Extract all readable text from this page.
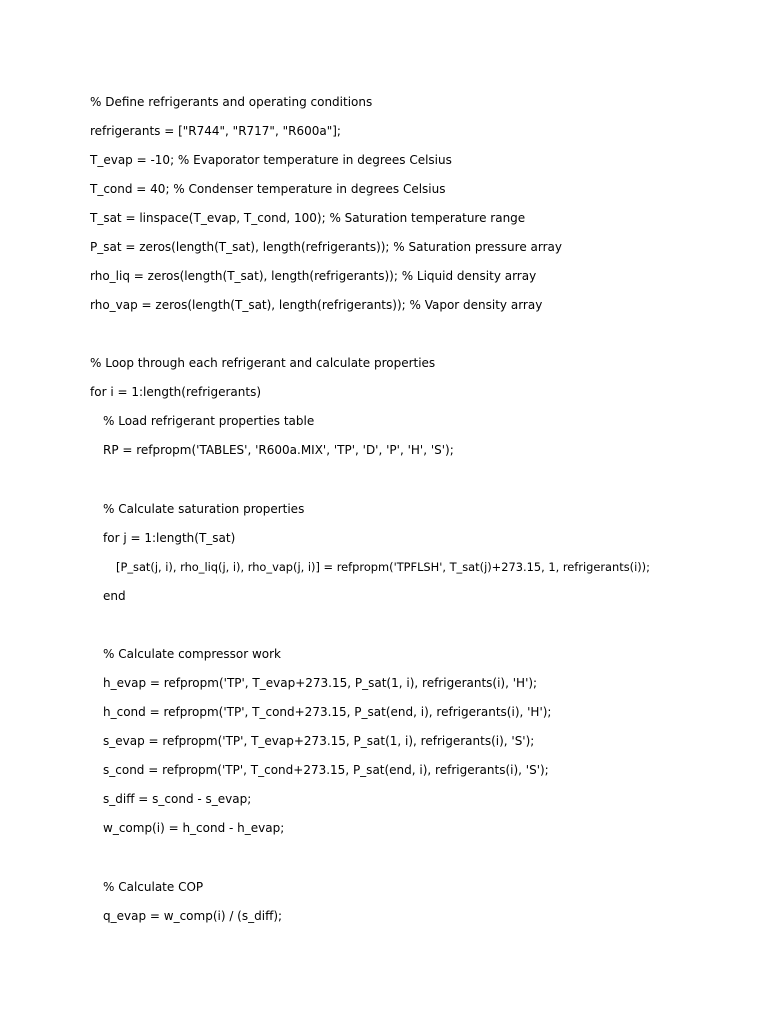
% Define refrigerants and operating conditions
refrigerants = ["R744", "R717", "R600a"];
T_evap = -10; % Evaporator temperature in degrees Celsius
T_cond = 40; % Condenser temperature in degrees Celsius
T_sat = linspace(T_evap, T_cond, 100); % Saturation temperature range
P_sat = zeros(length(T_sat), length(refrigerants)); % Saturation pressure array
rho_liq = zeros(length(T_sat), length(refrigerants)); % Liquid density array
rho_vap = zeros(length(T_sat), length(refrigerants)); % Vapor density array
% Loop through each refrigerant and calculate properties
for i = 1:length(refrigerants)
% Load refrigerant properties table
RP = refpropm('TABLES', 'R600a.MIX', 'TP', 'D', 'P', 'H', 'S');
% Calculate saturation properties
for j = 1:length(T_sat)
[P_sat(j, i), rho_liq(j, i), rho_vap(j, i)] = refpropm('TPFLSH', T_sat(j)+273.15, 1, refrigerants(i));
end
% Calculate compressor work
h_evap = refpropm('TP', T_evap+273.15, P_sat(1, i), refrigerants(i), 'H');
h_cond = refpropm('TP', T_cond+273.15, P_sat(end, i), refrigerants(i), 'H');
s_evap = refpropm('TP', T_evap+273.15, P_sat(1, i), refrigerants(i), 'S');
s_cond = refpropm('TP', T_cond+273.15, P_sat(end, i), refrigerants(i), 'S');
s_diff = s_cond - s_evap;
w_comp(i) = h_cond - h_evap;
% Calculate COP
q_evap = w_comp(i) / (s_diff);
